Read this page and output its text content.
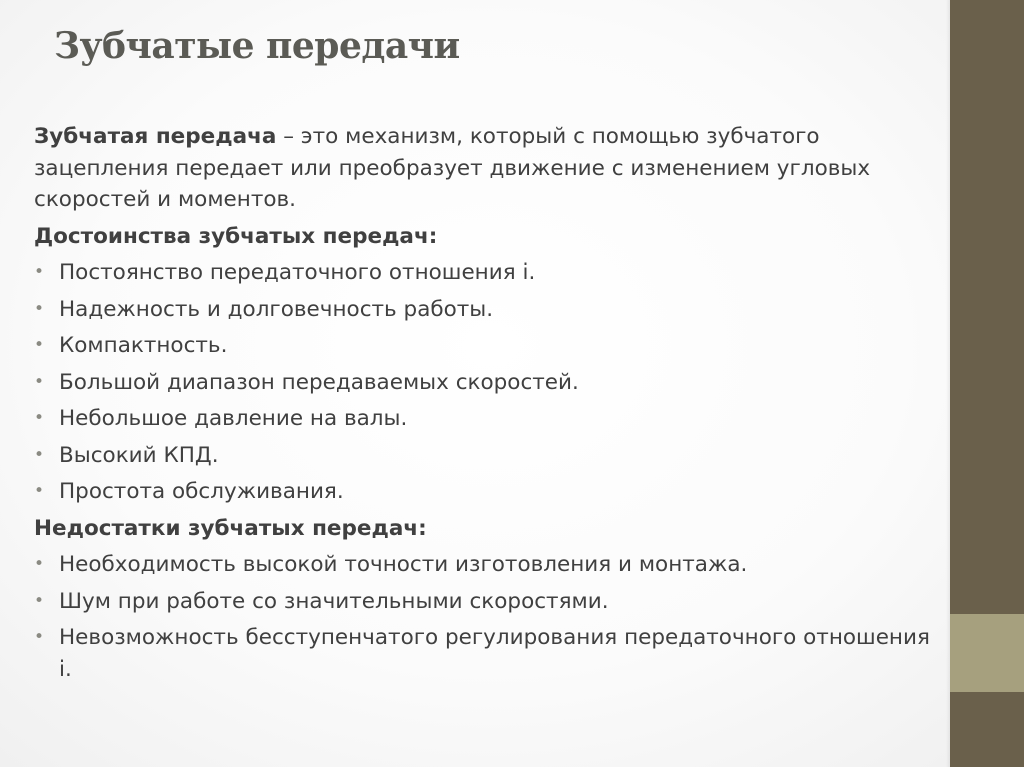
Зубчатые передачи

Зубчатая передача – это механизм, который с помощью зубчатого зацепления передает или преобразует движение с изменением угловых скоростей и моментов.

Достоинства зубчатых передач:
• Постоянство передаточного отношения i.
• Надежность и долговечность работы.
• Компактность.
• Большой диапазон передаваемых скоростей.
• Небольшое давление на валы.
• Высокий КПД.
• Простота обслуживания.
Недостатки зубчатых передач:
• Необходимость высокой точности изготовления и монтажа.
• Шум при работе со значительными скоростями.
• Невозможность бесступенчатого регулирования передаточного отношения i.
